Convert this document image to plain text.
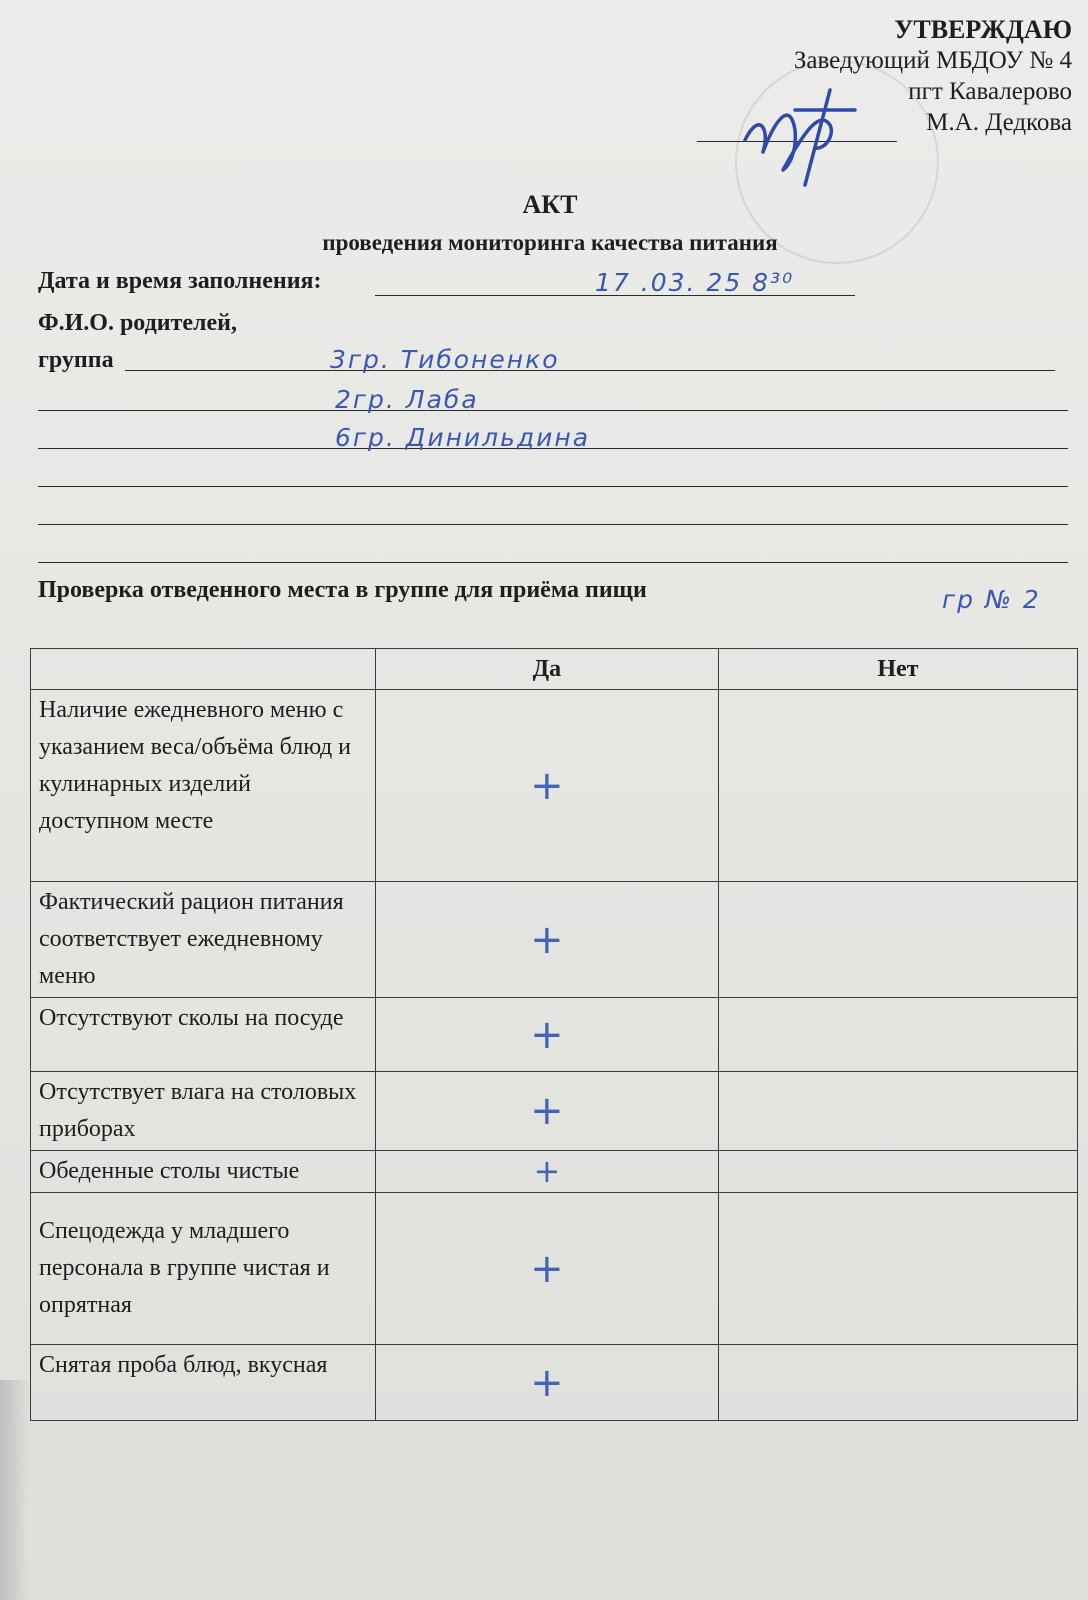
УТВЕРЖДАЮ
Заведующий МБДОУ № 4
пгт Кавалерово
М.А. Дедкова
АКТ
проведения мониторинга качества питания
Дата и время заполнения:	17 .03. 25 8³⁰
Ф.И.О. родителей,
группа	3гр. Тибоненко
2гр. Лаба
6гр. Динильдина
Проверка отведенного места в группе для приёма пищи	гр № 2
	Да	Нет
Наличие ежедневного меню с указанием веса/объёма блюд и кулинарных изделий доступном месте	+	
Фактический рацион питания соответствует ежедневному меню	+	
Отсутствуют сколы на посуде	+	
Отсутствует влага на столовых приборах	+	
Обеденные столы чистые	+	
Спецодежда у младшего персонала в группе чистая и опрятная	+	
Снятая проба блюд, вкусная	+	
